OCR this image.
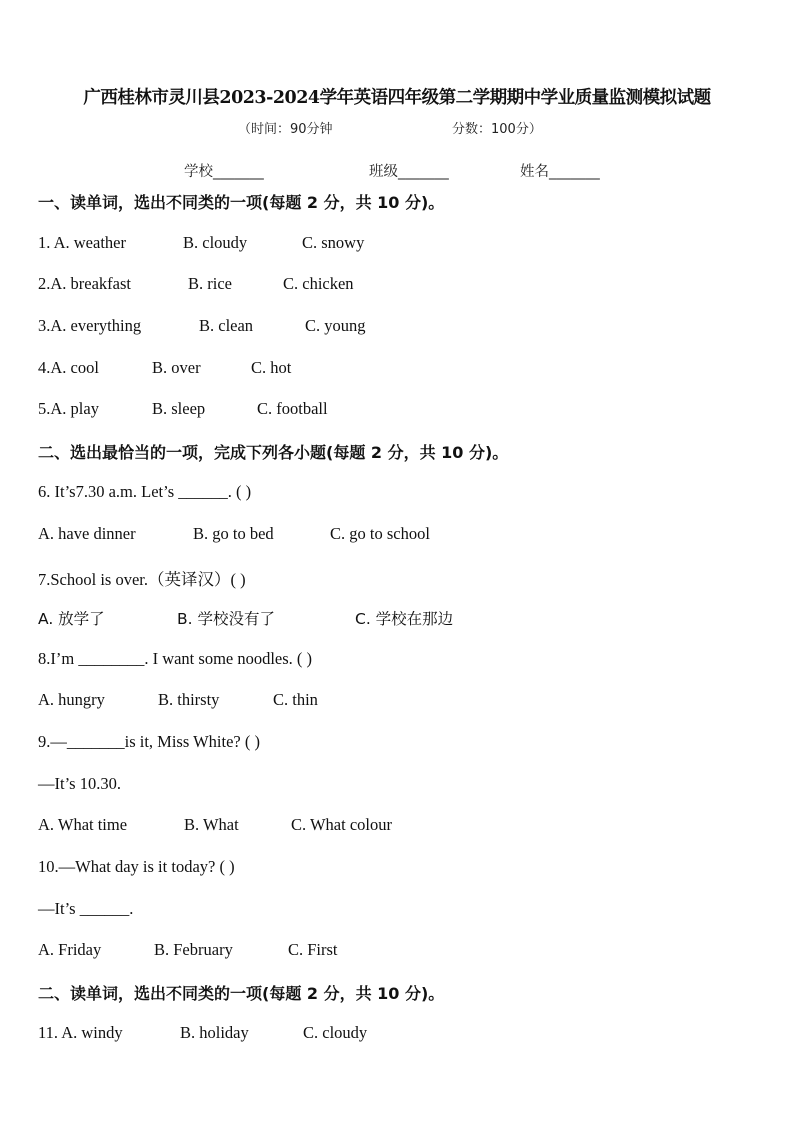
广西桂林市灵川县2023-2024学年英语四年级第二学期期中学业质量监测模拟试题
（时间：90分钟	分数：100分）
学校_______	班级_______	姓名_______
一、读单词，选出不同类的一项(每题 2 分，共 10 分)。
1. A. weather	B. cloudy	C. snowy
2.A. breakfast	B. rice	C. chicken
3.A. everything	B. clean	C. young
4.A. cool	B. over	C. hot
5.A. play	B. sleep	C. football
二、选出最恰当的一项，完成下列各小题(每题 2 分，共 10 分)。
6. It’s7.30 a.m. Let’s ______. ( )
A. have dinner	B. go to bed	C. go to school
7.School is over.（英译汉）( )
A. 放学了	B. 学校没有了	C. 学校在那边
8.I’m ________. I want some noodles. ( )
A. hungry	B. thirsty	C. thin
9.—_______is it, Miss White? ( )
—It’s 10.30.
A. What time	B. What	C. What colour
10.—What day is it today? ( )
—It’s ______.
A. Friday	B. February	C. First
二、读单词，选出不同类的一项(每题 2 分，共 10 分)。
11. A. windy	B. holiday	C. cloudy
